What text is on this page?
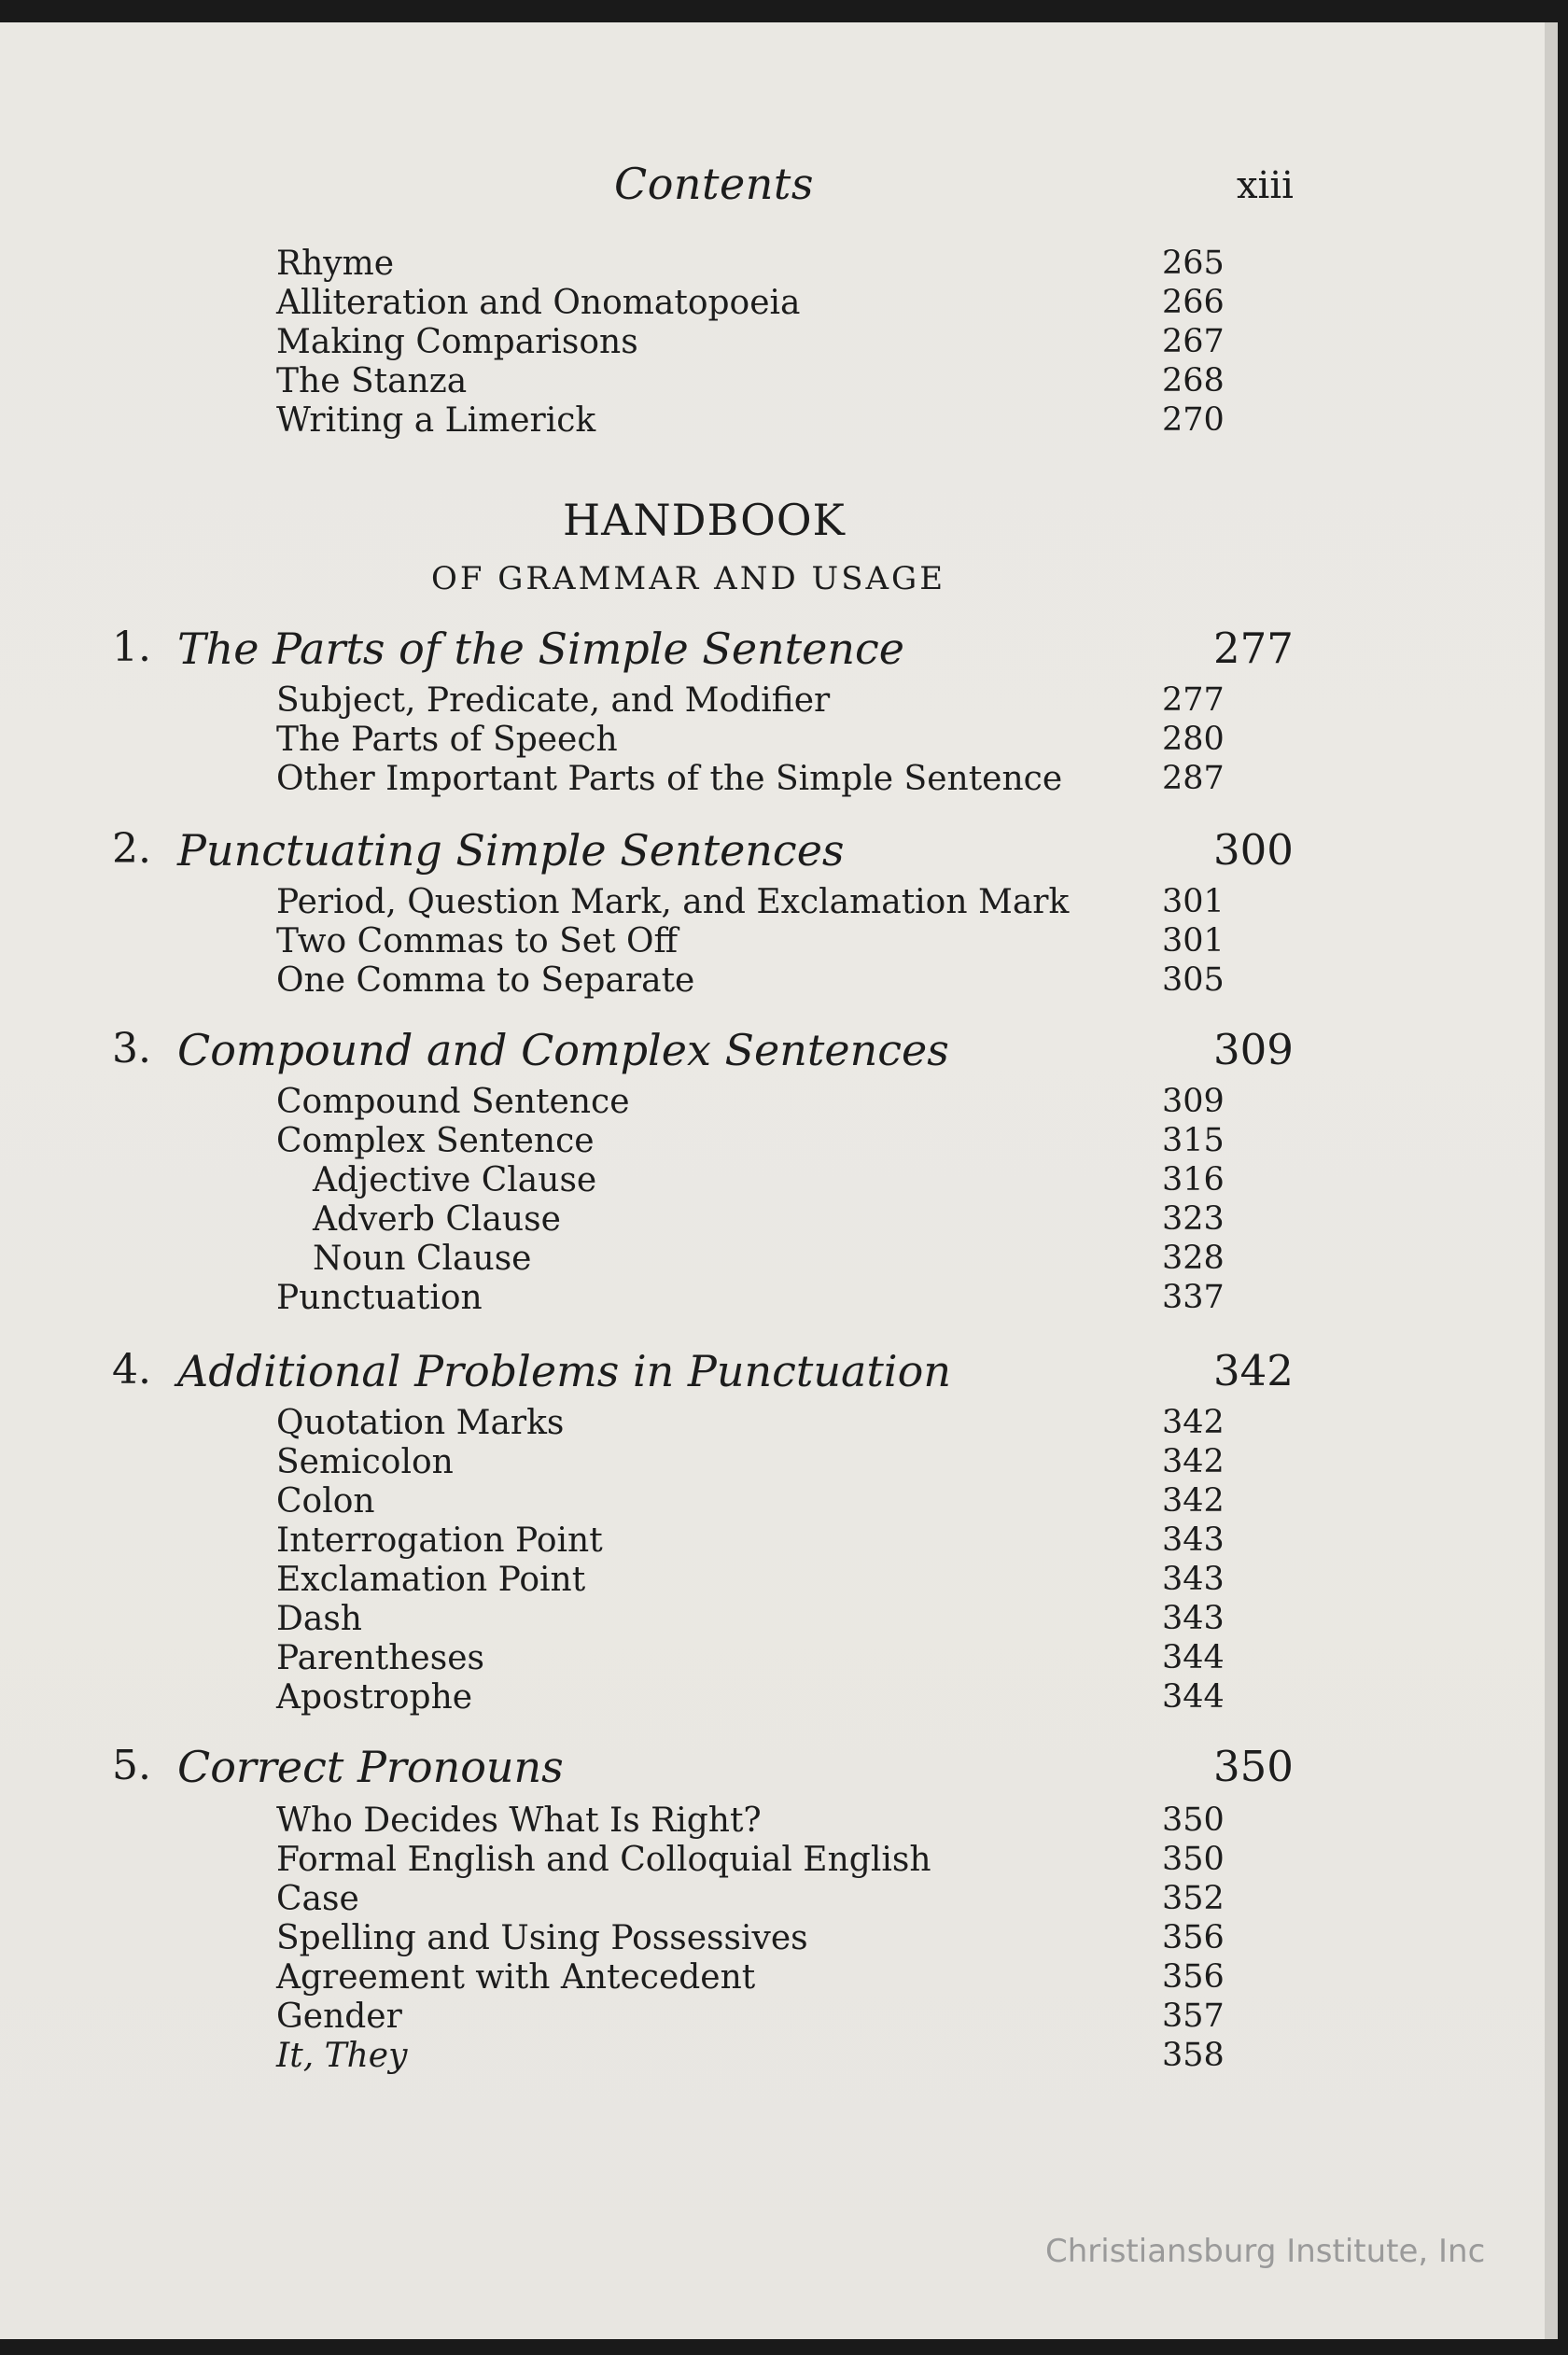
Contents	xiii
Rhyme	265
Alliteration and Onomatopoeia	266
Making Comparisons	267
The Stanza	268
Writing a Limerick	270
HANDBOOK
OF GRAMMAR AND USAGE
1. The Parts of the Simple Sentence	277
Subject, Predicate, and Modifier	277
The Parts of Speech	280
Other Important Parts of the Simple Sentence	287
2. Punctuating Simple Sentences	300
Period, Question Mark, and Exclamation Mark	301
Two Commas to Set Off	301
One Comma to Separate	305
3. Compound and Complex Sentences	309
Compound Sentence	309
Complex Sentence	315
Adjective Clause	316
Adverb Clause	323
Noun Clause	328
Punctuation	337
4. Additional Problems in Punctuation	342
Quotation Marks	342
Semicolon	342
Colon	342
Interrogation Point	343
Exclamation Point	343
Dash	343
Parentheses	344
Apostrophe	344
5. Correct Pronouns	350
Who Decides What Is Right?	350
Formal English and Colloquial English	350
Case	352
Spelling and Using Possessives	356
Agreement with Antecedent	356
Gender	357
It, They	358
Christiansburg Institute, Inc
